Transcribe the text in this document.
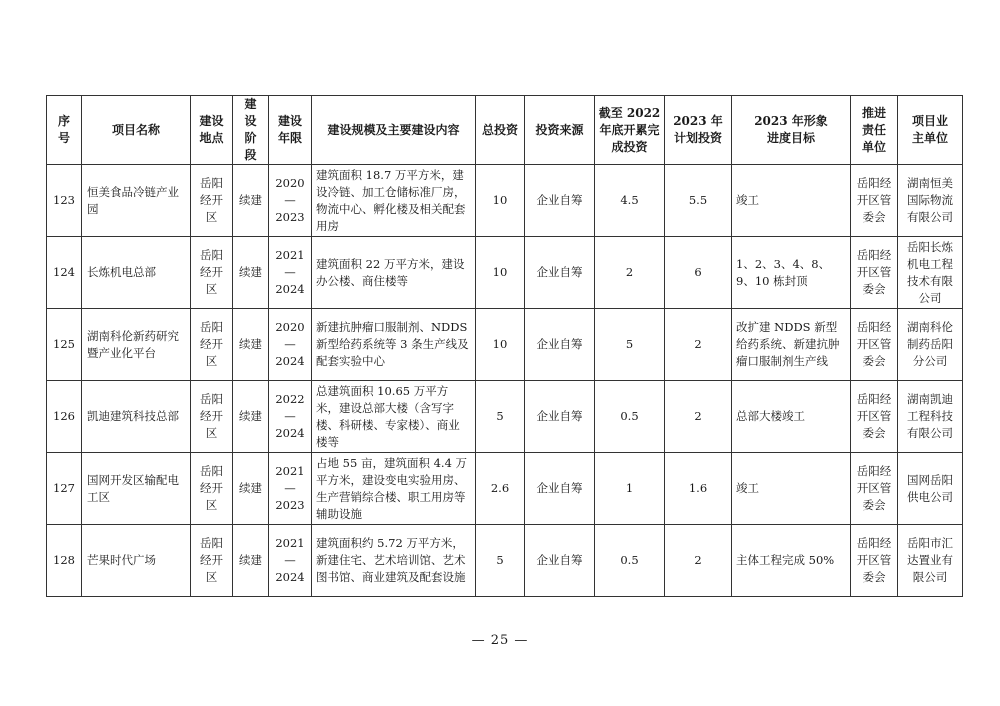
序号	项目名称	建设地点	建设阶段	建设年限	建设规模及主要建设内容	总投资	投资来源	截至 2022 年底开累完成投资	2023 年计划投资	2023 年形象进度目标	推进责任单位	项目业主单位
123	恒美食品冷链产业园	岳阳经开区	续建	2020—2023	建筑面积 18.7 万平方米，建设冷链、加工仓储标准厂房，物流中心、孵化楼及相关配套用房	10	企业自筹	4.5	5.5	竣工	岳阳经开区管委会	湖南恒美国际物流有限公司
124	长炼机电总部	岳阳经开区	续建	2021—2024	建筑面积 22 万平方米，建设办公楼、商住楼等	10	企业自筹	2	6	1、2、3、4、8、9、10 栋封顶	岳阳经开区管委会	岳阳长炼机电工程技术有限公司
125	湖南科伦新药研究暨产业化平台	岳阳经开区	续建	2020—2024	新建抗肿瘤口服制剂、NDDS 新型给药系统等 3 条生产线及配套实验中心	10	企业自筹	5	2	改扩建 NDDS 新型给药系统、新建抗肿瘤口服制剂生产线	岳阳经开区管委会	湖南科伦制药岳阳分公司
126	凯迪建筑科技总部	岳阳经开区	续建	2022—2024	总建筑面积 10.65 万平方米，建设总部大楼（含写字楼、科研楼、专家楼）、商业楼等	5	企业自筹	0.5	2	总部大楼竣工	岳阳经开区管委会	湖南凯迪工程科技有限公司
127	国网开发区输配电工区	岳阳经开区	续建	2021—2023	占地 55 亩，建筑面积 4.4 万平方米，建设变电实验用房、生产营销综合楼、职工用房等辅助设施	2.6	企业自筹	1	1.6	竣工	岳阳经开区管委会	国网岳阳供电公司
128	芒果时代广场	岳阳经开区	续建	2021—2024	建筑面积约 5.72 万平方米，新建住宅、艺术培训馆、艺术图书馆、商业建筑及配套设施	5	企业自筹	0.5	2	主体工程完成 50%	岳阳经开区管委会	岳阳市汇达置业有限公司
— 25 —
